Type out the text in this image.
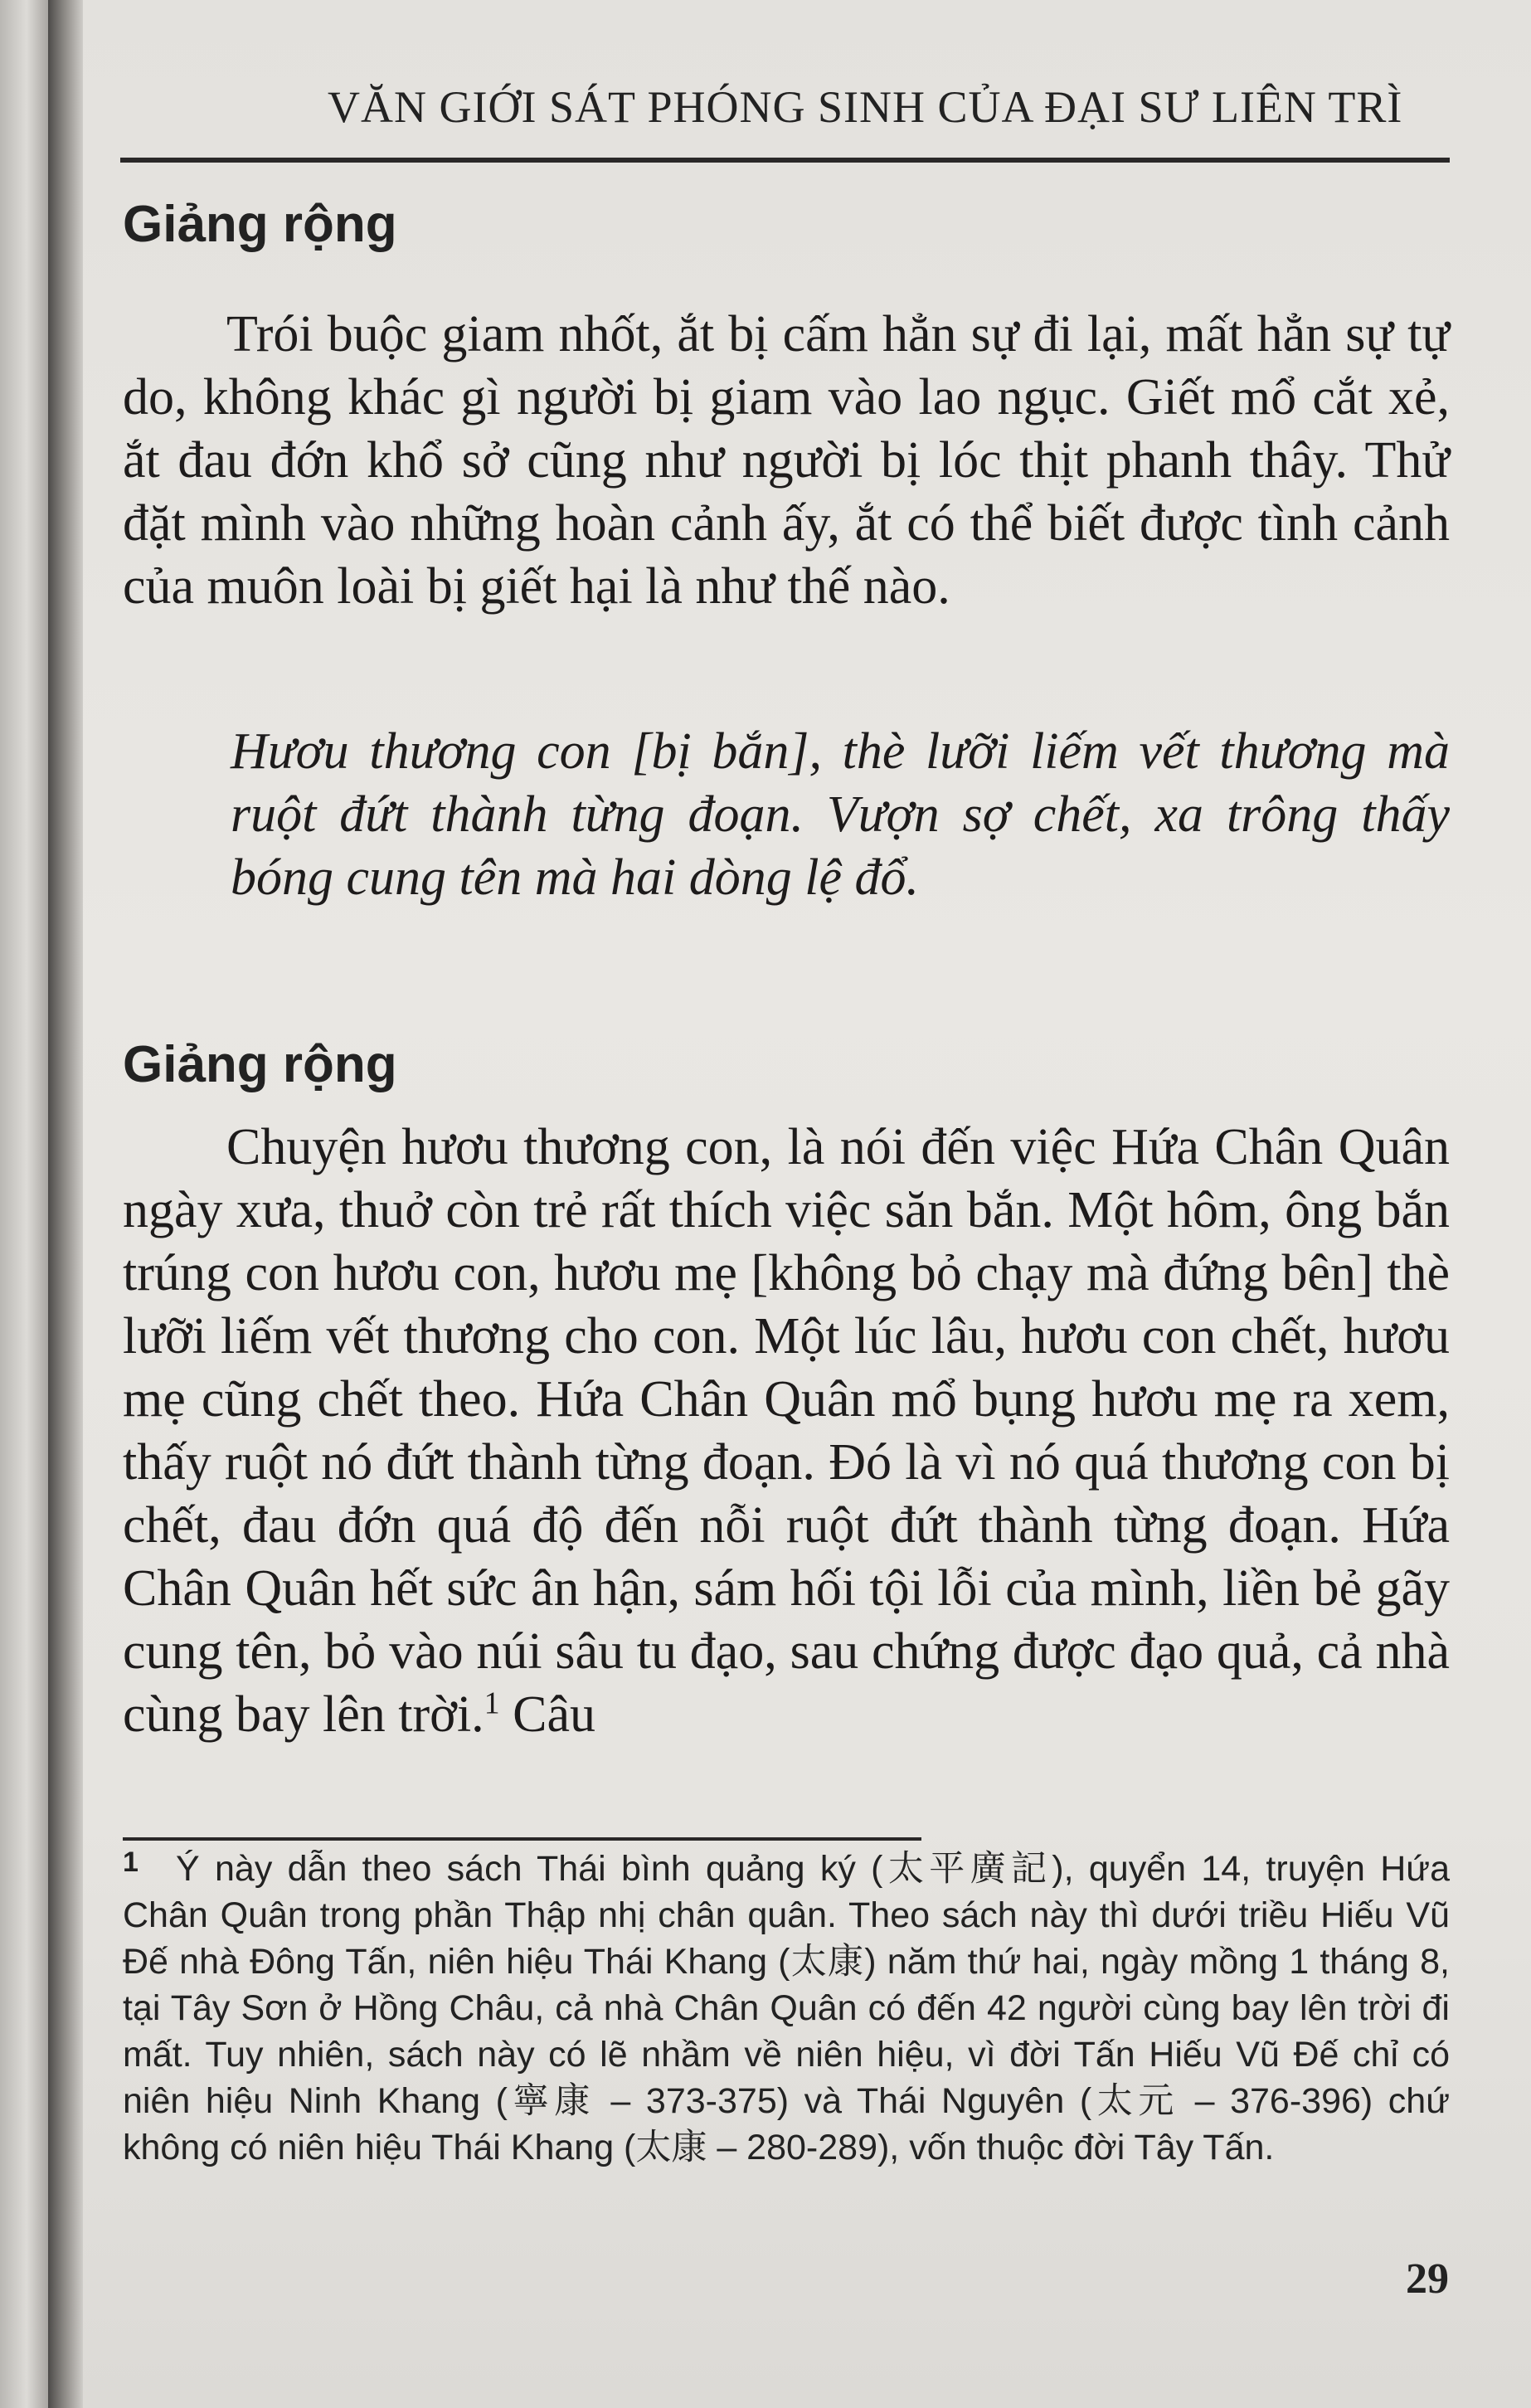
VĂN GIỚI SÁT PHÓNG SINH CỦA ĐẠI SƯ LIÊN TRÌ
Giảng rộng
Trói buộc giam nhốt, ắt bị cấm hẳn sự đi lại, mất hẳn sự tự do, không khác gì người bị giam vào lao ngục. Giết mổ cắt xẻ, ắt đau đớn khổ sở cũng như người bị lóc thịt phanh thây. Thử đặt mình vào những hoàn cảnh ấy, ắt có thể biết được tình cảnh của muôn loài bị giết hại là như thế nào.
Hươu thương con [bị bắn], thè lưỡi liếm vết thương mà ruột đứt thành từng đoạn. Vượn sợ chết, xa trông thấy bóng cung tên mà hai dòng lệ đổ.
Giảng rộng
Chuyện hươu thương con, là nói đến việc Hứa Chân Quân ngày xưa, thuở còn trẻ rất thích việc săn bắn. Một hôm, ông bắn trúng con hươu con, hươu mẹ [không bỏ chạy mà đứng bên] thè lưỡi liếm vết thương cho con. Một lúc lâu, hươu con chết, hươu mẹ cũng chết theo. Hứa Chân Quân mổ bụng hươu mẹ ra xem, thấy ruột nó đứt thành từng đoạn. Đó là vì nó quá thương con bị chết, đau đớn quá độ đến nỗi ruột đứt thành từng đoạn. Hứa Chân Quân hết sức ân hận, sám hối tội lỗi của mình, liền bẻ gãy cung tên, bỏ vào núi sâu tu đạo, sau chứng được đạo quả, cả nhà cùng bay lên trời.$^1$ Câu
1 Ý này dẫn theo sách Thái bình quảng ký (太平廣記), quyển 14, truyện Hứa Chân Quân trong phần Thập nhị chân quân. Theo sách này thì dưới triều Hiếu Vũ Đế nhà Đông Tấn, niên hiệu Thái Khang (太康) năm thứ hai, ngày mồng 1 tháng 8, tại Tây Sơn ở Hồng Châu, cả nhà Chân Quân có đến 42 người cùng bay lên trời đi mất. Tuy nhiên, sách này có lẽ nhầm về niên hiệu, vì đời Tấn Hiếu Vũ Đế chỉ có niên hiệu Ninh Khang (寧康 – 373-375) và Thái Nguyên (太元 – 376-396) chứ không có niên hiệu Thái Khang (太康 – 280-289), vốn thuộc đời Tây Tấn.
29
